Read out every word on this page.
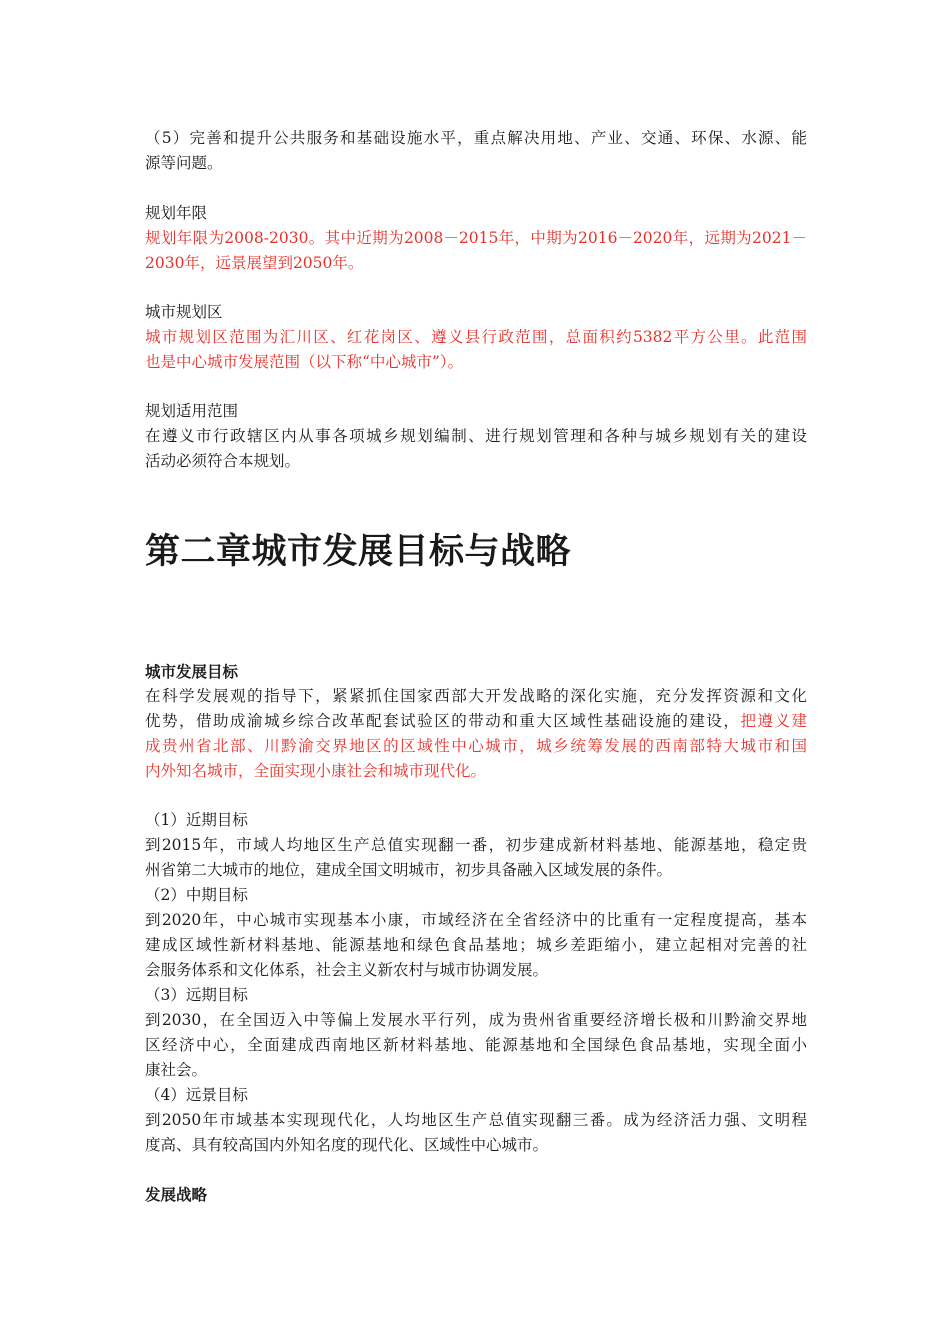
（5）完善和提升公共服务和基础设施水平，重点解决用地、产业、交通、环保、水源、能
源等问题。
规划年限
规划年限为2008-2030。其中近期为2008－2015年，中期为2016－2020年，远期为2021－
2030年，远景展望到2050年。
城市规划区
城市规划区范围为汇川区、红花岗区、遵义县行政范围，总面积约5382平方公里。此范围
也是中心城市发展范围（以下称“中心城市”）。
规划适用范围
在遵义市行政辖区内从事各项城乡规划编制、进行规划管理和各种与城乡规划有关的建设
活动必须符合本规划。
第二章城市发展目标与战略
城市发展目标
在科学发展观的指导下，紧紧抓住国家西部大开发战略的深化实施，充分发挥资源和文化
优势，借助成渝城乡综合改革配套试验区的带动和重大区域性基础设施的建设，把遵义建
成贵州省北部、川黔渝交界地区的区域性中心城市，城乡统筹发展的西南部特大城市和国
内外知名城市，全面实现小康社会和城市现代化。
（1）近期目标
到2015年，市域人均地区生产总值实现翻一番，初步建成新材料基地、能源基地，稳定贵
州省第二大城市的地位，建成全国文明城市，初步具备融入区域发展的条件。
（2）中期目标
到2020年，中心城市实现基本小康，市域经济在全省经济中的比重有一定程度提高，基本
建成区域性新材料基地、能源基地和绿色食品基地；城乡差距缩小，建立起相对完善的社
会服务体系和文化体系，社会主义新农村与城市协调发展。
（3）远期目标
到2030，在全国迈入中等偏上发展水平行列，成为贵州省重要经济增长极和川黔渝交界地
区经济中心，全面建成西南地区新材料基地、能源基地和全国绿色食品基地，实现全面小
康社会。
（4）远景目标
到2050年市域基本实现现代化，人均地区生产总值实现翻三番。成为经济活力强、文明程
度高、具有较高国内外知名度的现代化、区域性中心城市。
发展战略
